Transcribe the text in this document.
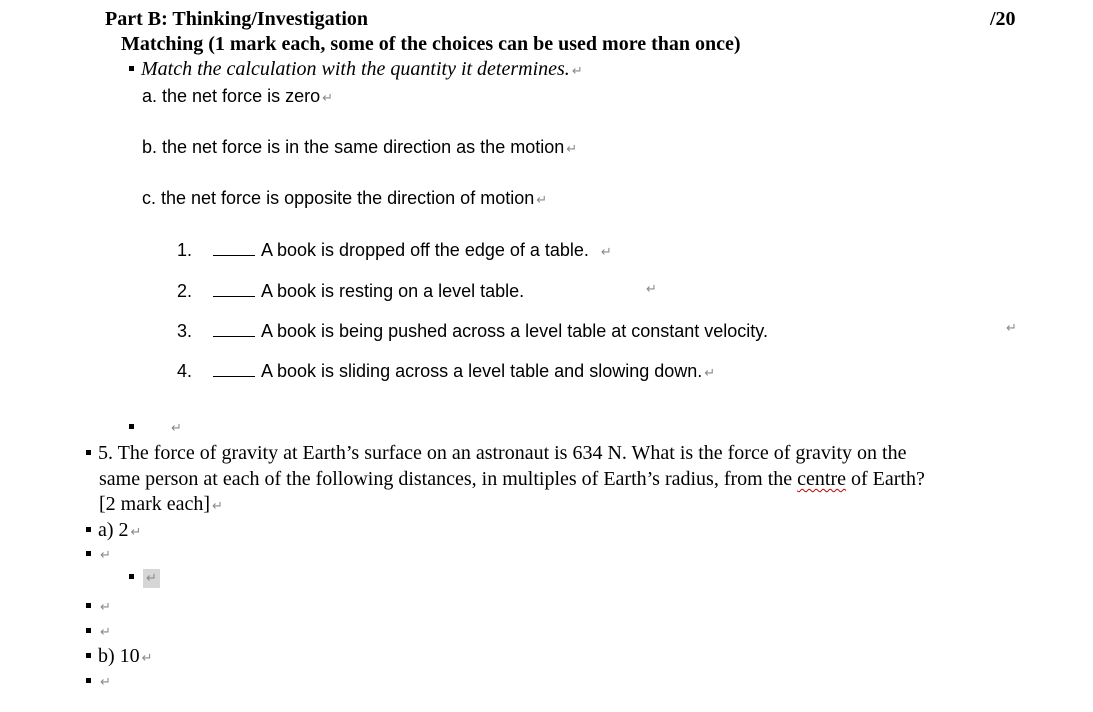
Part B: Thinking/Investigation	/20
Matching (1 mark each, some of the choices can be used more than once)
Match the calculation with the quantity it determines. ↵
a. the net force is zero ↵
b. the net force is in the same direction as the motion ↵
c. the net force is opposite the direction of motion ↵
1.	A book is dropped off the edge of a table. ↵
2.	A book is resting on a level table.	↵
3.	A book is being pushed across a level table at constant velocity.	↵
4.	A book is sliding across a level table and slowing down. ↵
↵
5. The force of gravity at Earth’s surface on an astronaut is 634 N. What is the force of gravity on the
same person at each of the following distances, in multiples of Earth’s radius, from the centre of Earth?
[2 mark each] ↵
a) 2 ↵
↵
↵
↵
↵
b) 10 ↵
↵
